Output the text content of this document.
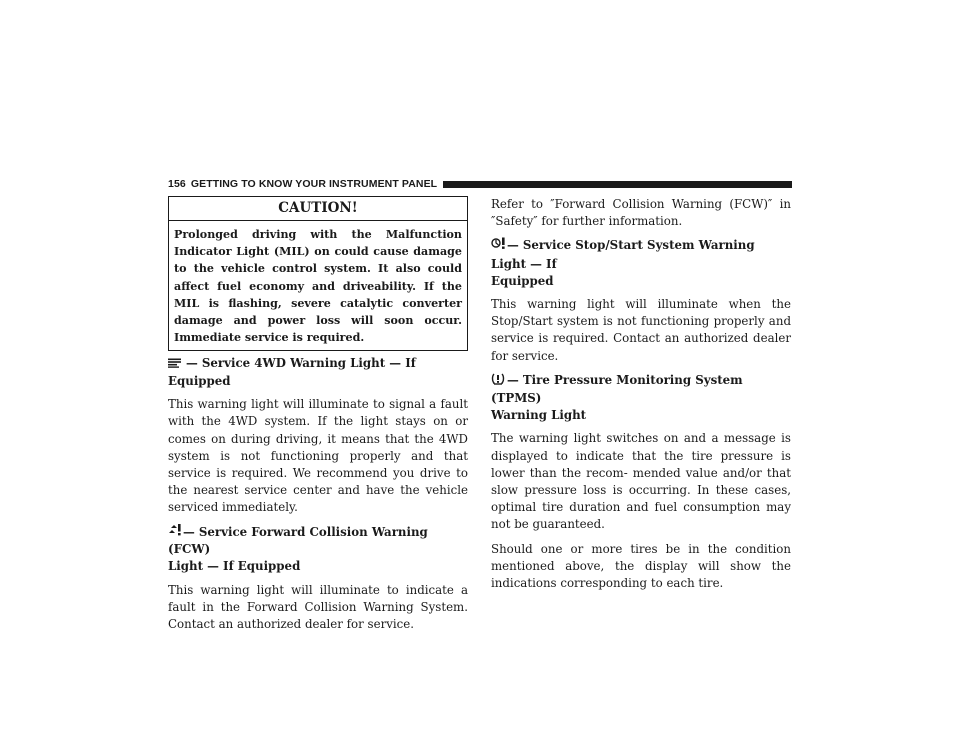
156 GETTING TO KNOW YOUR INSTRUMENT PANEL
CAUTION!
Prolonged driving with the Malfunction Indicator Light (MIL) on could cause damage to the vehicle control system. It also could affect fuel economy and driveability. If the MIL is flashing, severe catalytic converter damage and power loss will soon occur. Immediate service is required.
— Service 4WD Warning Light — If Equipped

This warning light will illuminate to signal a fault with the 4WD system. If the light stays on or comes on during driving, it means that the 4WD system is not functioning properly and that service is required. We recommend you drive to the nearest service center and have the vehicle serviced immediately.

— Service Forward Collision Warning (FCW)
Light — If Equipped

This warning light will illuminate to indicate a fault in the Forward Collision Warning System. Contact an authorized dealer for service.

Refer to ″Forward Collision Warning (FCW)″ in ″Safety″ for further information.

— Service Stop/Start System Warning Light — If
Equipped

This warning light will illuminate when the Stop/Start system is not functioning properly and service is required. Contact an authorized dealer for service.

— Tire Pressure Monitoring System (TPMS)
Warning Light

The warning light switches on and a message is displayed to indicate that the tire pressure is lower than the recom- mended value and/or that slow pressure loss is occurring. In these cases, optimal tire duration and fuel consumption may not be guaranteed.

Should one or more tires be in the condition mentioned above, the display will show the indications corresponding to each tire.
